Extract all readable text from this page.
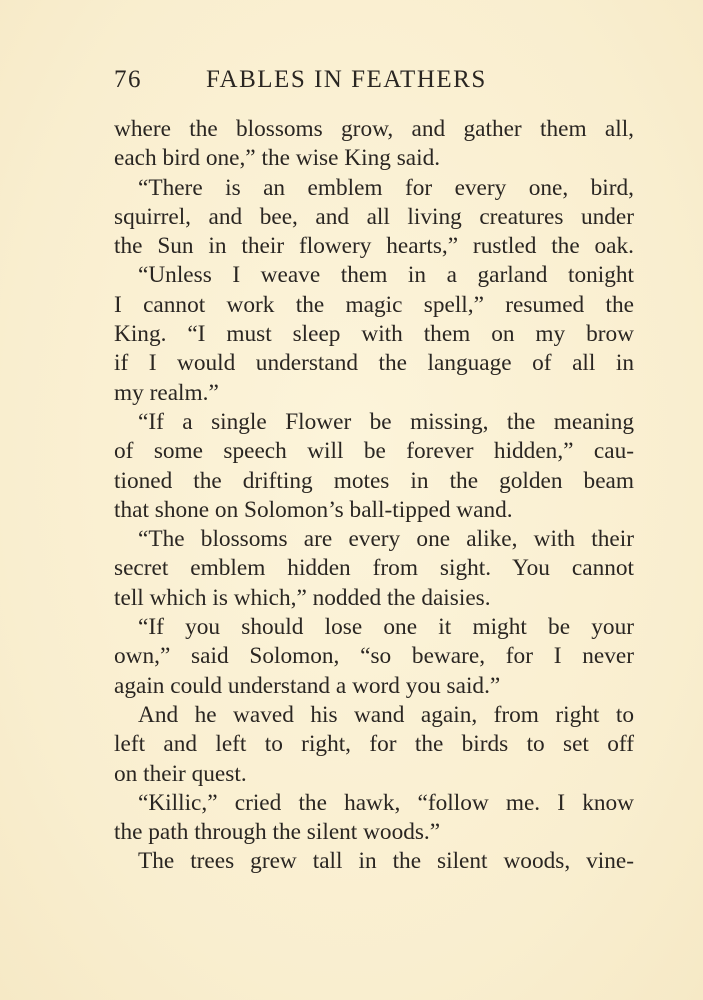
76	FABLES IN FEATHERS
where the blossoms grow, and gather them all,
each bird one,” the wise King said.
“There is an emblem for every one, bird,
squirrel, and bee, and all living creatures under
the Sun in their flowery hearts,” rustled the oak.
“Unless I weave them in a garland tonight
I cannot work the magic spell,” resumed the
King. “I must sleep with them on my brow
if I would understand the language of all in
my realm.”
“If a single Flower be missing, the meaning
of some speech will be forever hidden,” cau-
tioned the drifting motes in the golden beam
that shone on Solomon’s ball-tipped wand.
“The blossoms are every one alike, with their
secret emblem hidden from sight. You cannot
tell which is which,” nodded the daisies.
“If you should lose one it might be your
own,” said Solomon, “so beware, for I never
again could understand a word you said.”
And he waved his wand again, from right to
left and left to right, for the birds to set off
on their quest.
“Killic,” cried the hawk, “follow me. I know
the path through the silent woods.”
The trees grew tall in the silent woods, vine-
